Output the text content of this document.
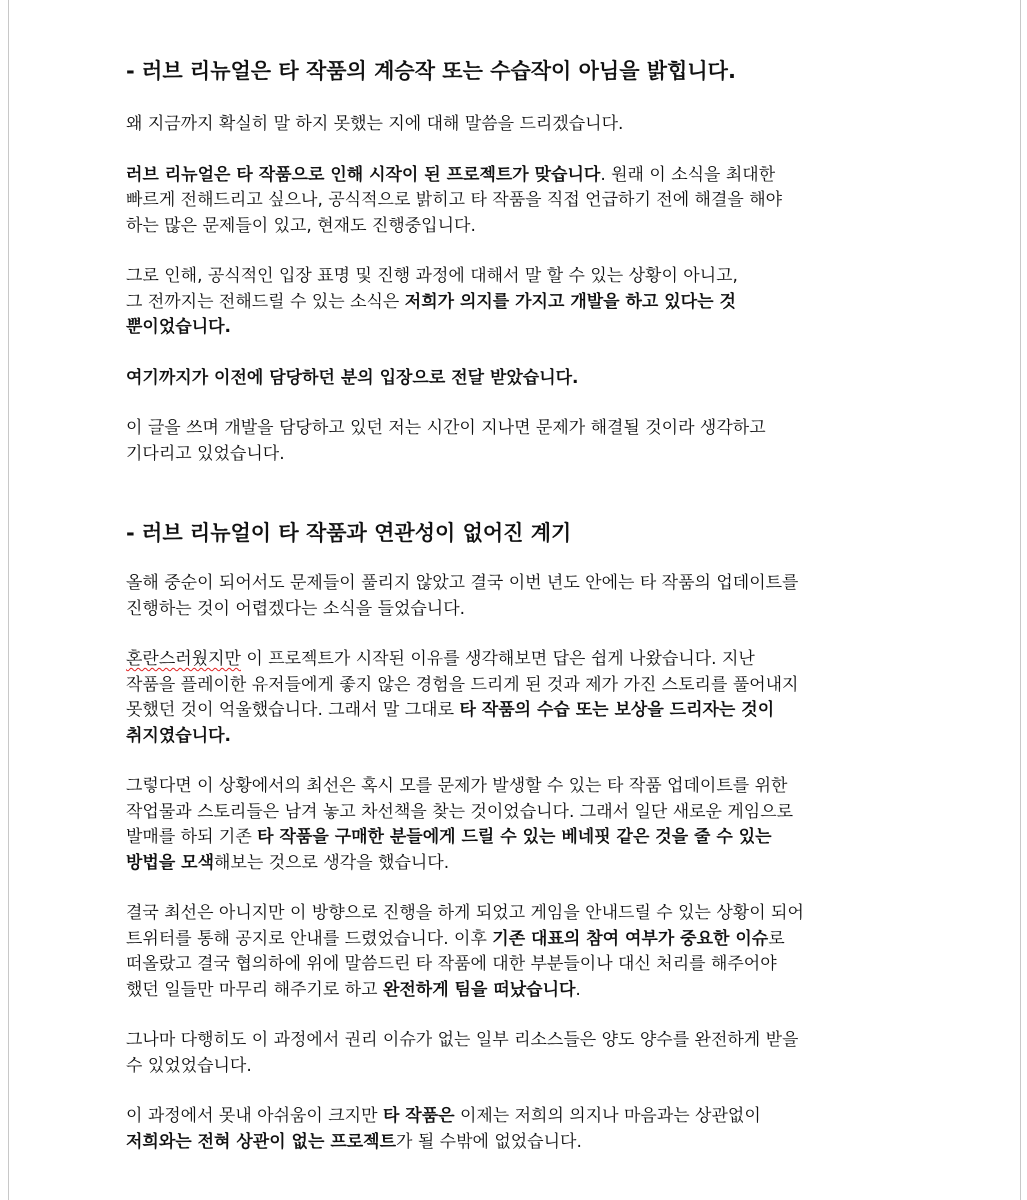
- 러브 리뉴얼은 타 작품의 계승작 또는 수습작이 아님을 밝힙니다.

왜 지금까지 확실히 말 하지 못했는 지에 대해 말씀을 드리겠습니다.

러브 리뉴얼은 타 작품으로 인해 시작이 된 프로젝트가 맞습니다. 원래 이 소식을 최대한
빠르게 전해드리고 싶으나, 공식적으로 밝히고 타 작품을 직접 언급하기 전에 해결을 해야
하는 많은 문제들이 있고, 현재도 진행중입니다.

그로 인해, 공식적인 입장 표명 및 진행 과정에 대해서 말 할 수 있는 상황이 아니고,
그 전까지는 전해드릴 수 있는 소식은 저희가 의지를 가지고 개발을 하고 있다는 것
뿐이었습니다.

여기까지가 이전에 담당하던 분의 입장으로 전달 받았습니다.

이 글을 쓰며 개발을 담당하고 있던 저는 시간이 지나면 문제가 해결될 것이라 생각하고
기다리고 있었습니다.

- 러브 리뉴얼이 타 작품과 연관성이 없어진 계기

올해 중순이 되어서도 문제들이 풀리지 않았고 결국 이번 년도 안에는 타 작품의 업데이트를
진행하는 것이 어렵겠다는 소식을 들었습니다.

혼란스러웠지만 이 프로젝트가 시작된 이유를 생각해보면 답은 쉽게 나왔습니다. 지난
작품을 플레이한 유저들에게 좋지 않은 경험을 드리게 된 것과 제가 가진 스토리를 풀어내지
못했던 것이 억울했습니다. 그래서 말 그대로 타 작품의 수습 또는 보상을 드리자는 것이
취지였습니다.

그렇다면 이 상황에서의 최선은 혹시 모를 문제가 발생할 수 있는 타 작품 업데이트를 위한
작업물과 스토리들은 남겨 놓고 차선책을 찾는 것이었습니다. 그래서 일단 새로운 게임으로
발매를 하되 기존 타 작품을 구매한 분들에게 드릴 수 있는 베네핏 같은 것을 줄 수 있는
방법을 모색해보는 것으로 생각을 했습니다.

결국 최선은 아니지만 이 방향으로 진행을 하게 되었고 게임을 안내드릴 수 있는 상황이 되어
트위터를 통해 공지로 안내를 드렸었습니다. 이후 기존 대표의 참여 여부가 중요한 이슈로
떠올랐고 결국 협의하에 위에 말씀드린 타 작품에 대한 부분들이나 대신 처리를 해주어야
했던 일들만 마무리 해주기로 하고 완전하게 팀을 떠났습니다.

그나마 다행히도 이 과정에서 권리 이슈가 없는 일부 리소스들은 양도 양수를 완전하게 받을
수 있었었습니다.

이 과정에서 못내 아쉬움이 크지만 타 작품은 이제는 저희의 의지나 마음과는 상관없이
저희와는 전혀 상관이 없는 프로젝트가 될 수밖에 없었습니다.
